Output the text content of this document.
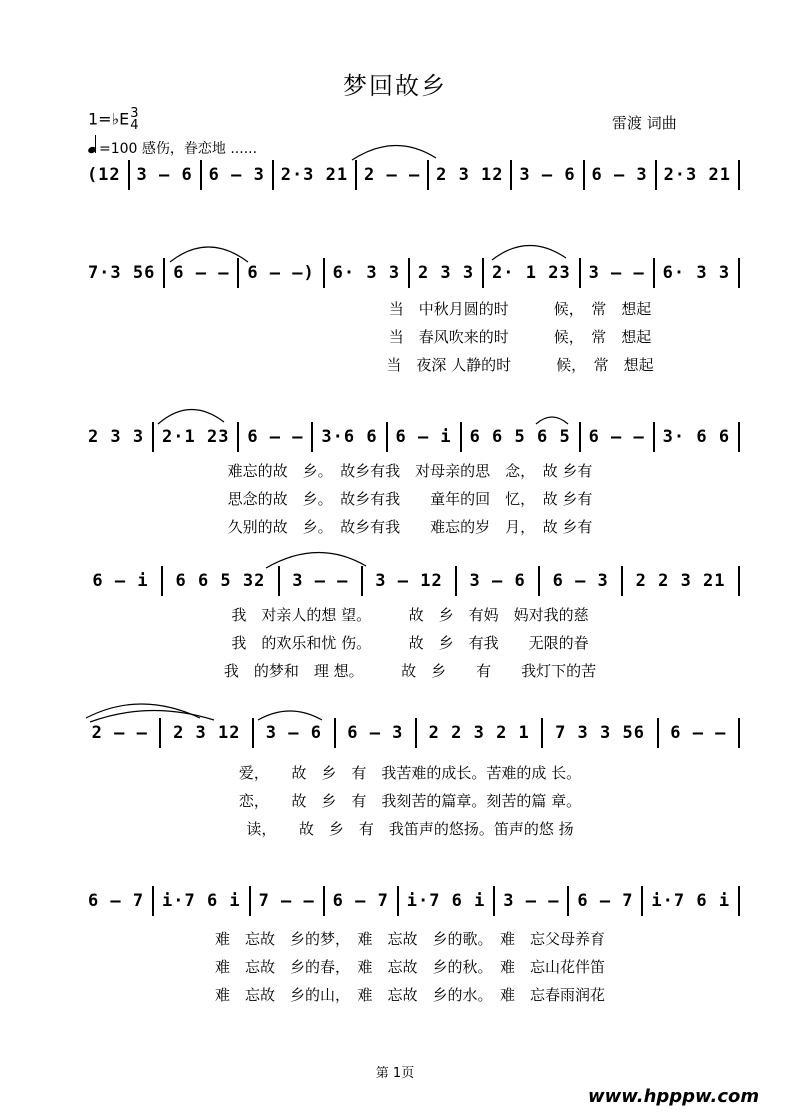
梦回故乡
雷渡 词曲
1=♭E3
4
=100 感伤，眷恋地 ......
(12 3 – 6 6 – 3 2·3 21 2 – – 2 3 12 3 – 6 6 – 3 2·3 21
7·3 56	6 – –	6 – –)	6· 3 3	2 3 3	2· 1 23	3 – –	6· 3 3
当　中秋月圆的时　　　候，　常　想起
当　春风吹来的时　　　候，　常　想起
当　夜深 人静的时　　　候，　常　想起
2 3 3	2·1 23	6 – –	3·6 6	6 – i	6 6 5 6 5	6 – –	3· 6 6
难忘的故　乡。　故乡有我　对母亲的思　念，　故 乡有
思念的故　乡。　故乡有我　　童年的回　忆，　故 乡有
久别的故　乡。　故乡有我　　难忘的岁　月，　故 乡有
6 – i	6 6 5 32	3 – –	3 – 12	3 – 6	6 – 3	2 2 3 21
我　对亲人的想 望。　　　故　乡　有妈　妈对我的慈
我　的欢乐和忧 伤。　　　故　乡　有我　　无限的眷
我　的梦和　理 想。　　　故　乡　　有　　我灯下的苦
2 – –	2 3 12	3 – 6	6 – 3	2 2 3 2 1	7 3 3 56	6 – –
爱，　　故　乡　有　我苦难的成长。苦难的成 长。
恋，　　故　乡　有　我刻苦的篇章。刻苦的篇 章。
读，　　故　乡　有　我笛声的悠扬。笛声的悠 扬
6 – 7	i·7 6 i	7 – –	6 – 7	i·7 6 i	3 – –	6 – 7	i·7 6 i
难　忘故　乡的梦，　难　忘故　乡的歌。　难　忘父母养育
难　忘故　乡的春，　难　忘故　乡的秋。　难　忘山花伴笛
难　忘故　乡的山，　难　忘故　乡的水。　难　忘春雨润花
第 1页
www.hpppw.com
